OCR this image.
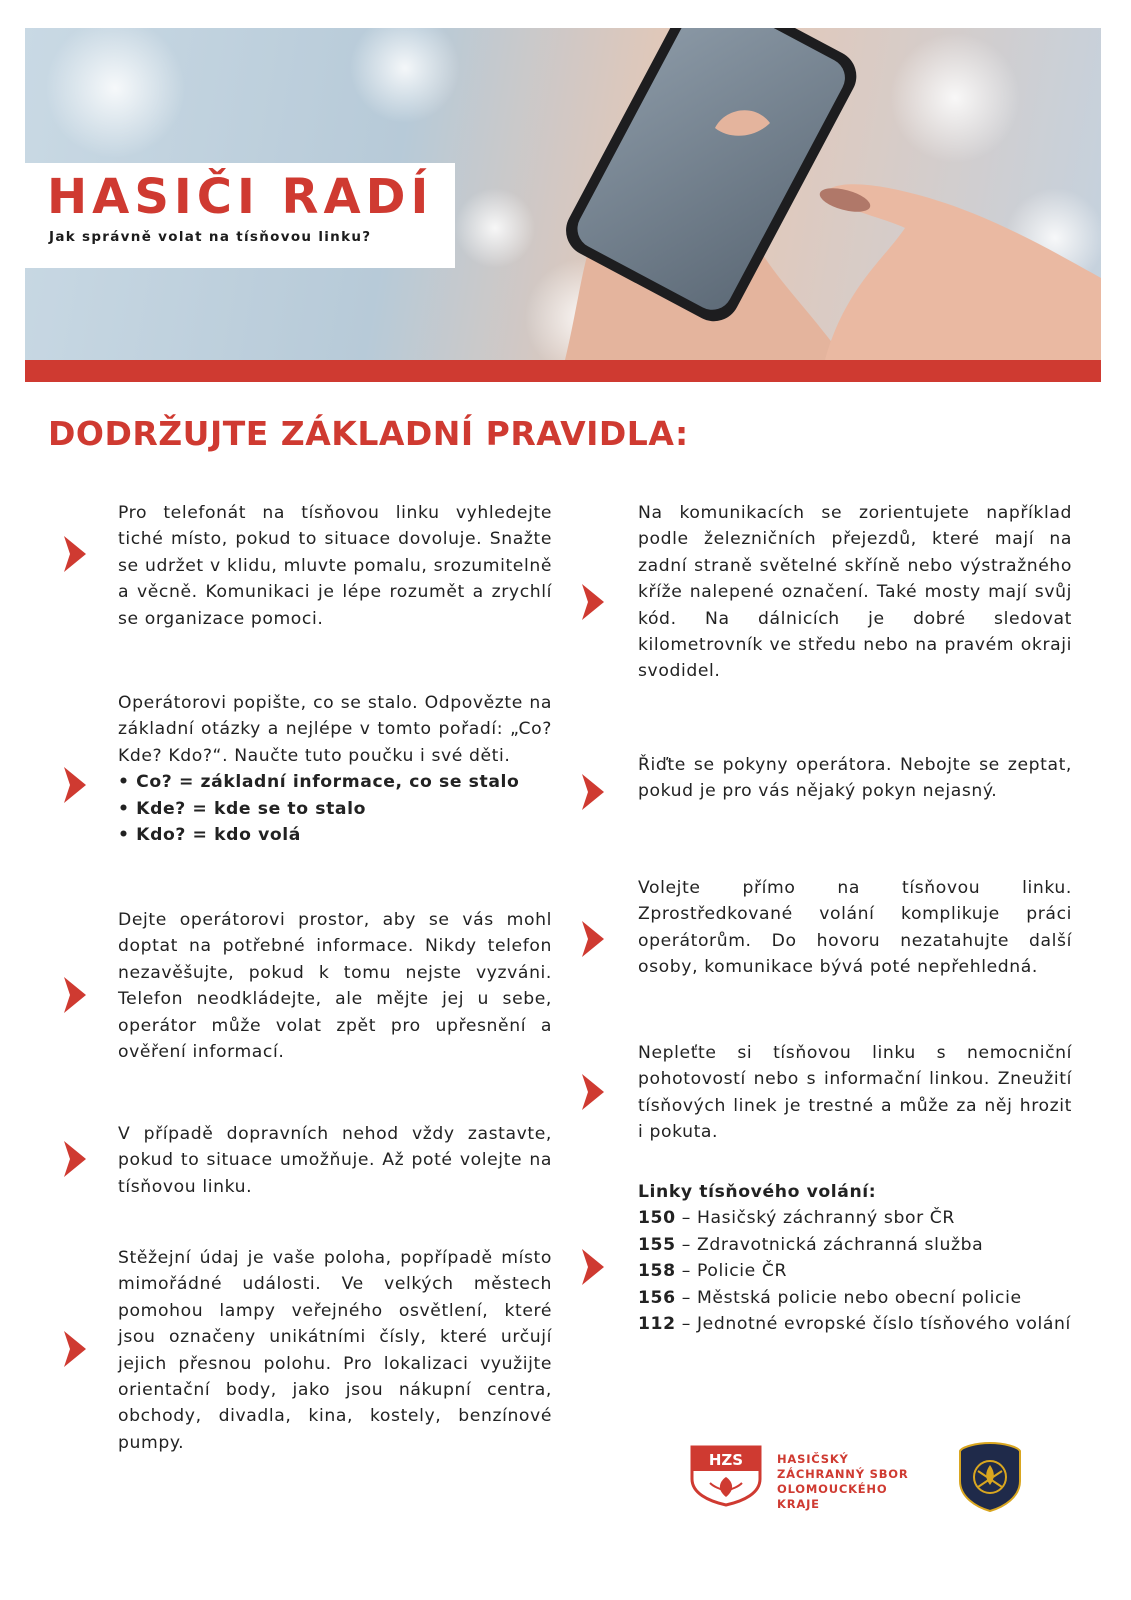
HASIČI RADÍ
Jak správně volat na tísňovou linku?
DODRŽUJTE ZÁKLADNÍ PRAVIDLA:

Pro telefonát na tísňovou linku vyhledejte tiché místo, pokud to situace dovoluje. Snažte se udržet v klidu, mluvte pomalu, srozumitelně a věcně. Komunikaci je lépe rozumět a zrychlí se organizace pomoci.

Operátorovi popište, co se stalo. Odpovězte na základní otázky a nejlépe v tomto pořadí: „Co? Kde? Kdo?“. Naučte tuto poučku i své děti.

• Co? = základní informace, co se stalo
• Kde? = kde se to stalo
• Kdo? = kdo volá

Dejte operátorovi prostor, aby se vás mohl doptat na potřebné informace. Nikdy telefon nezavěšujte, pokud k tomu nejste vyzváni. Telefon neodkládejte, ale mějte jej u sebe, operátor může volat zpět pro upřesnění a ověření informací.

V případě dopravních nehod vždy zastavte, pokud to situace umožňuje. Až poté volejte na tísňovou linku.

Stěžejní údaj je vaše poloha, popřípadě místo mimořádné události. Ve velkých městech pomohou lampy veřejného osvětlení, které jsou označeny unikátními čísly, které určují jejich přesnou polohu. Pro lokalizaci využijte orientační body, jako jsou nákupní centra, obchody, divadla, kina, kostely, benzínové pumpy.

Na komunikacích se zorientujete například podle železničních přejezdů, které mají na zadní straně světelné skříně nebo výstražného kříže nalepené označení. Také mosty mají svůj kód. Na dálnicích je dobré sledovat kilometrovník ve středu nebo na pravém okraji svodidel.

Řiďte se pokyny operátora. Nebojte se zeptat, pokud je pro vás nějaký pokyn nejasný.

Volejte přímo na tísňovou linku. Zprostředkované volání komplikuje práci operátorům. Do hovoru nezatahujte další osoby, komunikace bývá poté nepřehledná.

Nepleťte si tísňovou linku s nemocniční pohotovostí nebo s informační linkou. Zneužití tísňových linek je trestné a může za něj hrozit i pokuta.

Linky tísňového volání:
150 – Hasičský záchranný sbor ČR
155 – Zdravotnická záchranná služba
158 – Policie ČR
156 – Městská policie nebo obecní policie
112 – Jednotné evropské číslo tísňového volání
HZS	HASIČSKÝ
ZÁCHRANNÝ SBOR
OLOMOUCKÉHO
KRAJE
